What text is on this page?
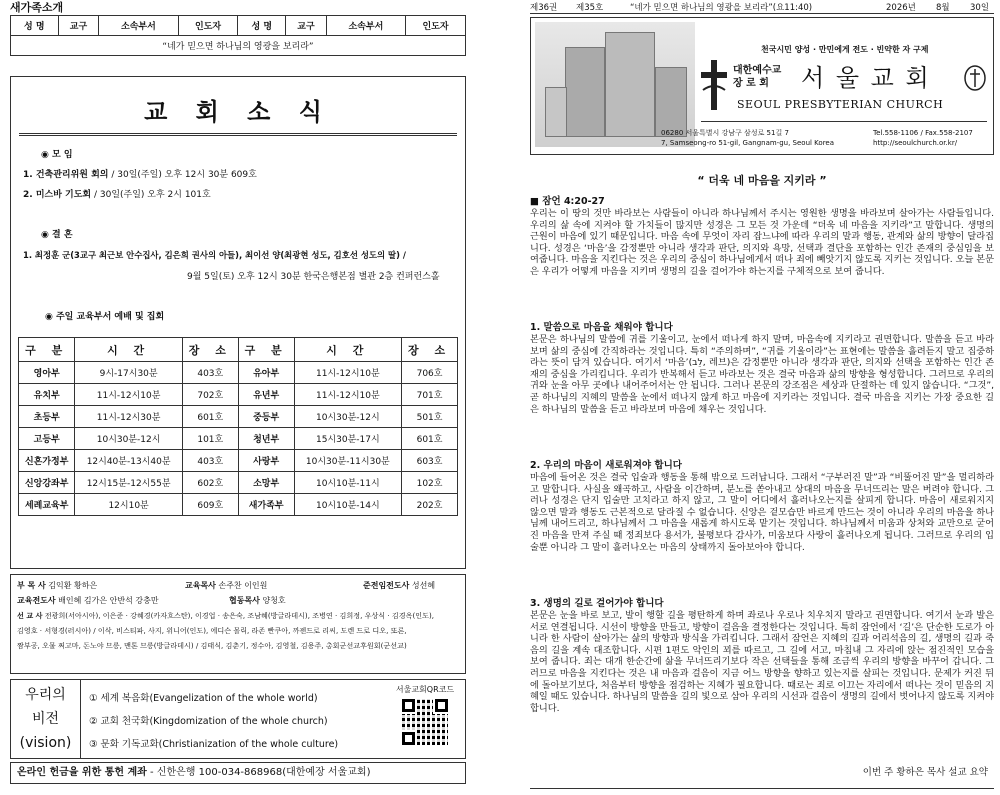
새가족소개
성 명	교구	소속부서	인도자	성 명	교구	소속부서	인도자
“네가 믿으면 하나님의 영광을 보리라”
교 회 소 식
◉ 모 임
1. 건축관리위원 회의 / 30일(주일) 오후 12시 30분 609호
2. 미스바 기도회 / 30일(주일) 오후 2시 101호
◉ 결 혼
1. 최정훈 군(3교구 최근보 안수집사, 김은희 권사의 아들), 최이선 양(최광현 성도, 김호선 성도의 딸) /
9월 5일(토) 오후 12시 30분 한국은행본점 별관 2층 컨퍼런스홀
◉ 주일 교육부서 예배 및 집회
구 분	시 간	장 소	구 분	시 간	장 소
영아부	9시-17시30분	403호	유아부	11시-12시10분	706호
유치부	11시-12시10분	702호	유년부	11시-12시10분	701호
초등부	11시-12시30분	601호	중등부	10시30분-12시	501호
고등부	10시30분-12시	101호	청년부	15시30분-17시	601호
신혼가정부	12시40분-13시40분	403호	사랑부	10시30분-11시30분	603호
신앙강좌부	12시15분-12시55분	602호	소망부	10시10분-11시	102호
세례교육부	12시10분	609호	새가족부	10시10분-14시	202호
부 목 사 김익환 황하은	교육목사 손주찬 이인원	준전임전도사 성선혜
교육전도사 배인혜 김가은 안반석 강충만	협동목사 양청호
선 교 사 전광희(서아시아), 이은준 · 강혜경(카자흐스탄), 이경업 · 송은숙, 조남혜(방글라데시), 조병연 · 김희정, 우상식 · 김경옥(인도),
김영호 · 서형경(러시아) / 이삭, 비스티파, 사지, 위니어(인도), 에디슨 몰릭, 라존 빤쿠아, 까젠드로 리씨, 도렌 드로 디오, 또론,
짬부공, 오물 쩌고마, 돈노야 므릉, 맨톤 므릉(방글라데시) / 김태식, 김춘기, 정수아, 김영철, 김용주, 총회군선교후원회(군선교)
우리의
비전
(vision)
① 세계 복음화(Evangelization of the whole world)
② 교회 천국화(Kingdomization of the whole church)
③ 문화 기독교화(Christianization of the whole culture)
서울교회QR코드
온라인 헌금을 위한 통헌 계좌 - 신한은행 100-034-868968(대한예장 서울교회)
제36권 제35호	“네가 믿으면 하나님의 영광을 보리라”(요11:40)	2026년 8월 30일
천국시민 양성 · 만민에게 전도 · 빈약한 자 구제
대한예수교
장 로 회	서 울 교 회
SEOUL PRESBYTERIAN CHURCH
06280 서울특별시 강남구 삼성로 51길 7
7, Samseong-ro 51-gil, Gangnam-gu, Seoul Korea
Tel.558-1106 / Fax.558-2107
http://seoulchurch.or.kr/
“ 더욱 네 마음을 지키라 ”
■ 잠언 4:20-27
우리는 이 땅의 것만 바라보는 사람들이 아니라 하나님께서 주시는 영원한 생명을 바라보며 살아가는 사람들입니다. 우리의 삶 속에 지켜야 할 가치들이 많지만 성경은 그 모든 것 가운데 “더욱 네 마음을 지키라”고 말합니다. 생명의 근원이 마음에 있기 때문입니다. 마음 속에 무엇이 자리 잡느냐에 따라 우리의 말과 행동, 관계와 삶의 방향이 달라집니다. 성경은 ‘마음’을 감정뿐만 아니라 생각과 판단, 의지와 욕망, 선택과 결단을 포함하는 인간 존재의 중심임을 보여줍니다. 마음을 지킨다는 것은 우리의 중심이 하나님에게서 떠나 죄에 빼앗기지 않도록 지키는 것입니다. 오늘 본문은 우리가 어떻게 마음을 지키며 생명의 길을 걸어가야 하는지를 구체적으로 보여 줍니다.
1. 말씀으로 마음을 채워야 합니다
본문은 하나님의 말씀에 귀를 기울이고, 눈에서 떠나게 하지 말며, 마음속에 지키라고 권면합니다. 말씀을 듣고 바라보며 삶의 중심에 간직하라는 것입니다. 특히 “주의하며”, “귀를 기울이라”는 표현에는 말씀을 흘려듣지 말고 집중하라는 뜻이 담겨 있습니다. 여기서 ‘마음’(לֵב, 레브)은 감정뿐만 아니라 생각과 판단, 의지와 선택을 포함하는 인간 존재의 중심을 가리킵니다. 우리가 반복해서 듣고 바라보는 것은 결국 마음과 삶의 방향을 형성합니다. 그러므로 우리의 귀와 눈을 아무 곳에나 내어주어서는 안 됩니다. 그러나 본문의 강조점은 세상과 단절하는 데 있지 않습니다. “그것”, 곧 하나님의 지혜의 말씀을 눈에서 떠나지 않게 하고 마음에 지키라는 것입니다. 결국 마음을 지키는 가장 중요한 길은 하나님의 말씀을 듣고 바라보며 마음에 채우는 것입니다.
2. 우리의 마음이 새로워져야 합니다
마음에 들어온 것은 결국 입술과 행동을 통해 밖으로 드러납니다. 그래서 “구부러진 말”과 “비뚤어진 말”을 멀리하라고 말합니다. 사실을 왜곡하고, 사람을 이간하며, 분노를 쏟아내고 상대의 마음을 무너뜨리는 말은 버려야 합니다. 그러나 성경은 단지 입술만 고치라고 하지 않고, 그 말이 어디에서 흘러나오는지를 살피게 합니다. 마음이 새로워지지 않으면 말과 행동도 근본적으로 달라질 수 없습니다. 신앙은 겉모습만 바르게 만드는 것이 아니라 우리의 마음을 하나님께 내어드리고, 하나님께서 그 마음을 새롭게 하시도록 맡기는 것입니다. 하나님께서 미움과 상처와 교만으로 굳어진 마음을 만져 주실 때 정죄보다 용서가, 불평보다 감사가, 미움보다 사랑이 흘러나오게 됩니다. 그러므로 우리의 입술뿐 아니라 그 말이 흘러나오는 마음의 상태까지 돌아보아야 합니다.
3. 생명의 길로 걸어가야 합니다
본문은 눈을 바로 보고, 발이 행할 길을 평탄하게 하며 좌로나 우로나 치우치지 말라고 권면합니다. 여기서 눈과 발은 서로 연결됩니다. 시선이 방향을 만들고, 방향이 걸음을 결정한다는 것입니다. 특히 잠언에서 ‘길’은 단순한 도로가 아니라 한 사람이 살아가는 삶의 방향과 방식을 가리킵니다. 그래서 잠언은 지혜의 길과 어리석음의 길, 생명의 길과 죽음의 길을 계속 대조합니다. 시편 1편도 악인의 꾀를 따르고, 그 길에 서고, 마침내 그 자리에 앉는 점진적인 모습을 보여 줍니다. 죄는 대개 한순간에 삶을 무너뜨리기보다 작은 선택들을 통해 조금씩 우리의 방향을 바꾸어 갑니다. 그러므로 마음을 지킨다는 것은 내 마음과 걸음이 지금 어느 방향을 향하고 있는지를 살피는 것입니다. 문제가 커진 뒤에 돌아보기보다, 처음부터 방향을 점검하는 지혜가 필요합니다. 때로는 죄로 이끄는 자리에서 떠나는 것이 믿음의 지혜일 때도 있습니다. 하나님의 말씀을 길의 빛으로 삼아 우리의 시선과 걸음이 생명의 길에서 벗어나지 않도록 지켜야 합니다.
이번 주 황하은 목사 설교 요약
